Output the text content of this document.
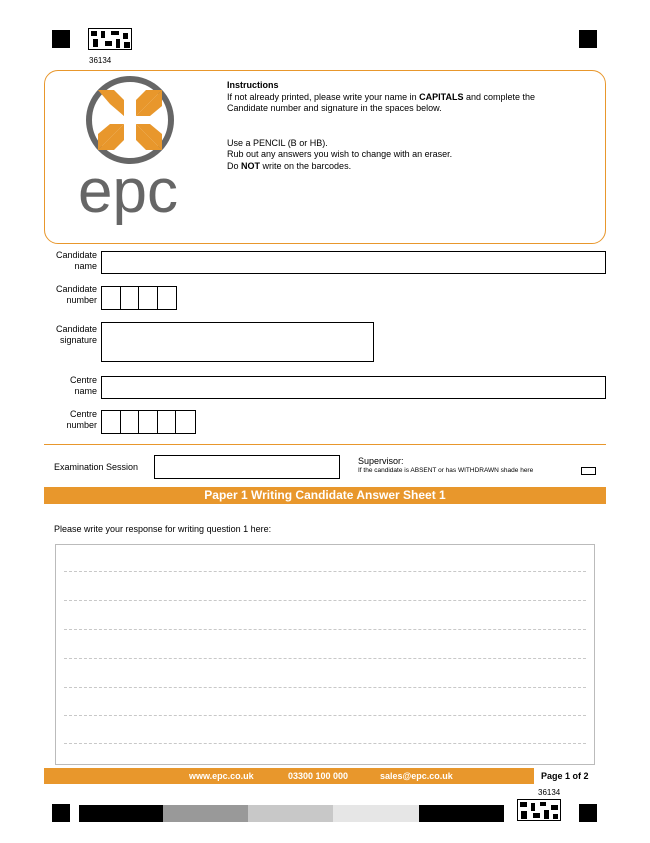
36134
epc
Instructions
If not already printed, please write your name in CAPITALS and complete the
Candidate number and signature in the spaces below.
Use a PENCIL (B or HB).
Rub out any answers you wish to change with an eraser.
Do NOT write on the barcodes.
Candidate
name
Candidate
number
Candidate
signature
Centre
name
Centre
number
Examination Session
Supervisor:
If the candidate is ABSENT or has WITHDRAWN shade here
Paper 1 Writing Candidate Answer Sheet 1
Please write your response for writing question 1 here:
www.epc.co.uk	03300 100 000	sales@epc.co.uk	Page 1 of 2
36134
